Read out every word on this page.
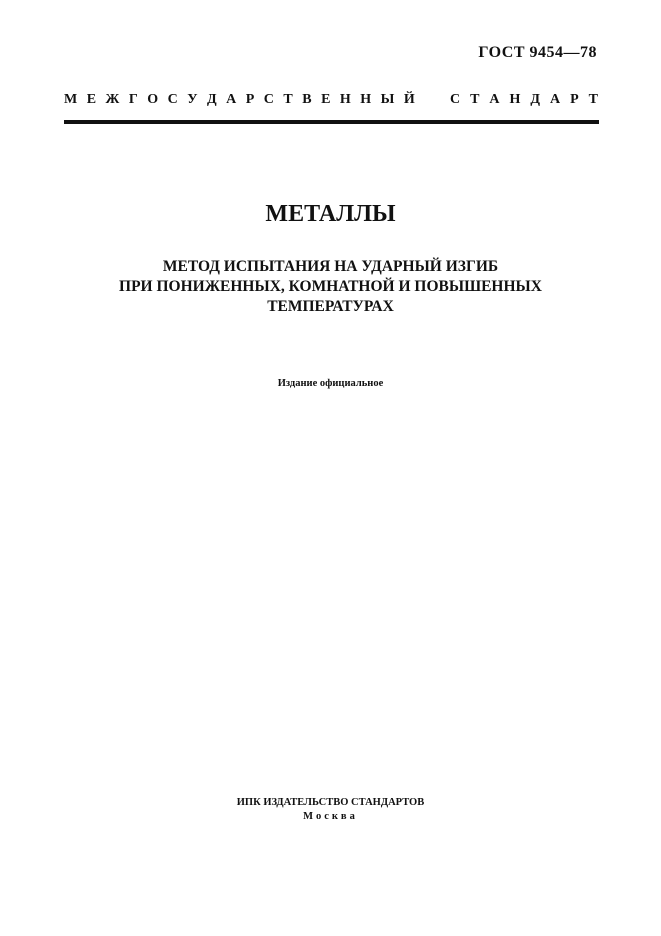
ГОСТ 9454—78
М Е Ж Г О С У Д А Р С Т В Е Н Н Ы Й	С Т А Н Д А Р Т
МЕТАЛЛЫ
МЕТОД ИСПЫТАНИЯ НА УДАРНЫЙ ИЗГИБ
ПРИ ПОНИЖЕННЫХ, КОМНАТНОЙ И ПОВЫШЕННЫХ
ТЕМПЕРАТУРАХ
Издание официальное
ИПК ИЗДАТЕЛЬСТВО СТАНДАРТОВ
Москва
